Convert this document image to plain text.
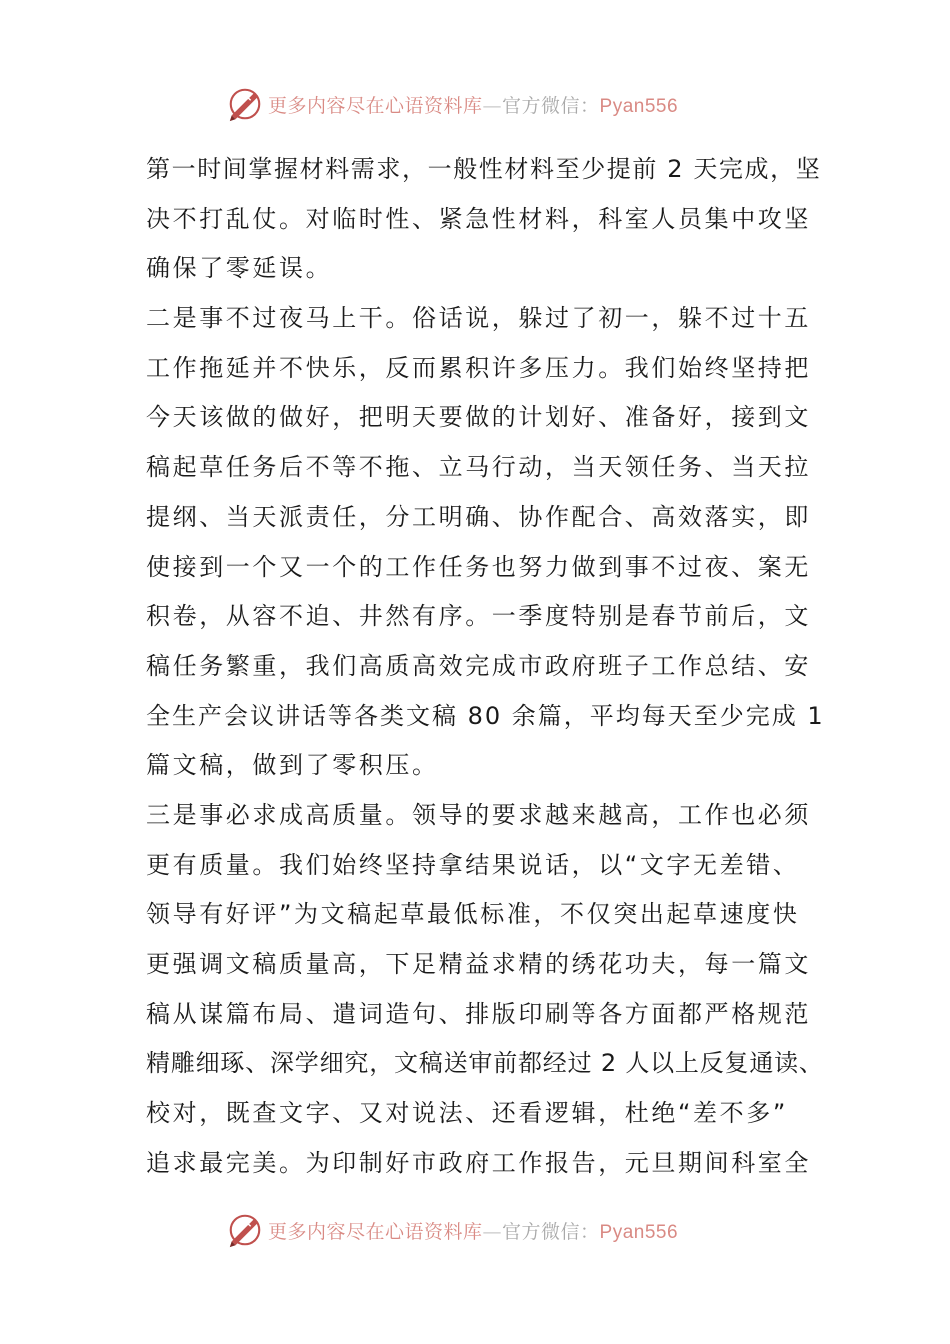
更多内容尽在心语资料库—官方微信：Pyan556
第一时间掌握材料需求，一般性材料至少提前 2 天完成，坚
决不打乱仗。对临时性、紧急性材料，科室人员集中攻坚
确保了零延误。
二是事不过夜马上干。俗话说，躲过了初一，躲不过十五
工作拖延并不快乐，反而累积许多压力。我们始终坚持把
今天该做的做好，把明天要做的计划好、准备好，接到文
稿起草任务后不等不拖、立马行动，当天领任务、当天拉
提纲、当天派责任，分工明确、协作配合、高效落实，即
使接到一个又一个的工作任务也努力做到事不过夜、案无
积卷，从容不迫、井然有序。一季度特别是春节前后，文
稿任务繁重，我们高质高效完成市政府班子工作总结、安
全生产会议讲话等各类文稿 80 余篇，平均每天至少完成 1
篇文稿，做到了零积压。
三是事必求成高质量。领导的要求越来越高，工作也必须
更有质量。我们始终坚持拿结果说话，以“文字无差错、
领导有好评”为文稿起草最低标准，不仅突出起草速度快
更强调文稿质量高，下足精益求精的绣花功夫，每一篇文
稿从谋篇布局、遣词造句、排版印刷等各方面都严格规范
精雕细琢、深学细究，文稿送审前都经过 2 人以上反复通读、
校对，既查文字、又对说法、还看逻辑，杜绝“差不多”
追求最完美。为印制好市政府工作报告，元旦期间科室全
更多内容尽在心语资料库—官方微信：Pyan556
